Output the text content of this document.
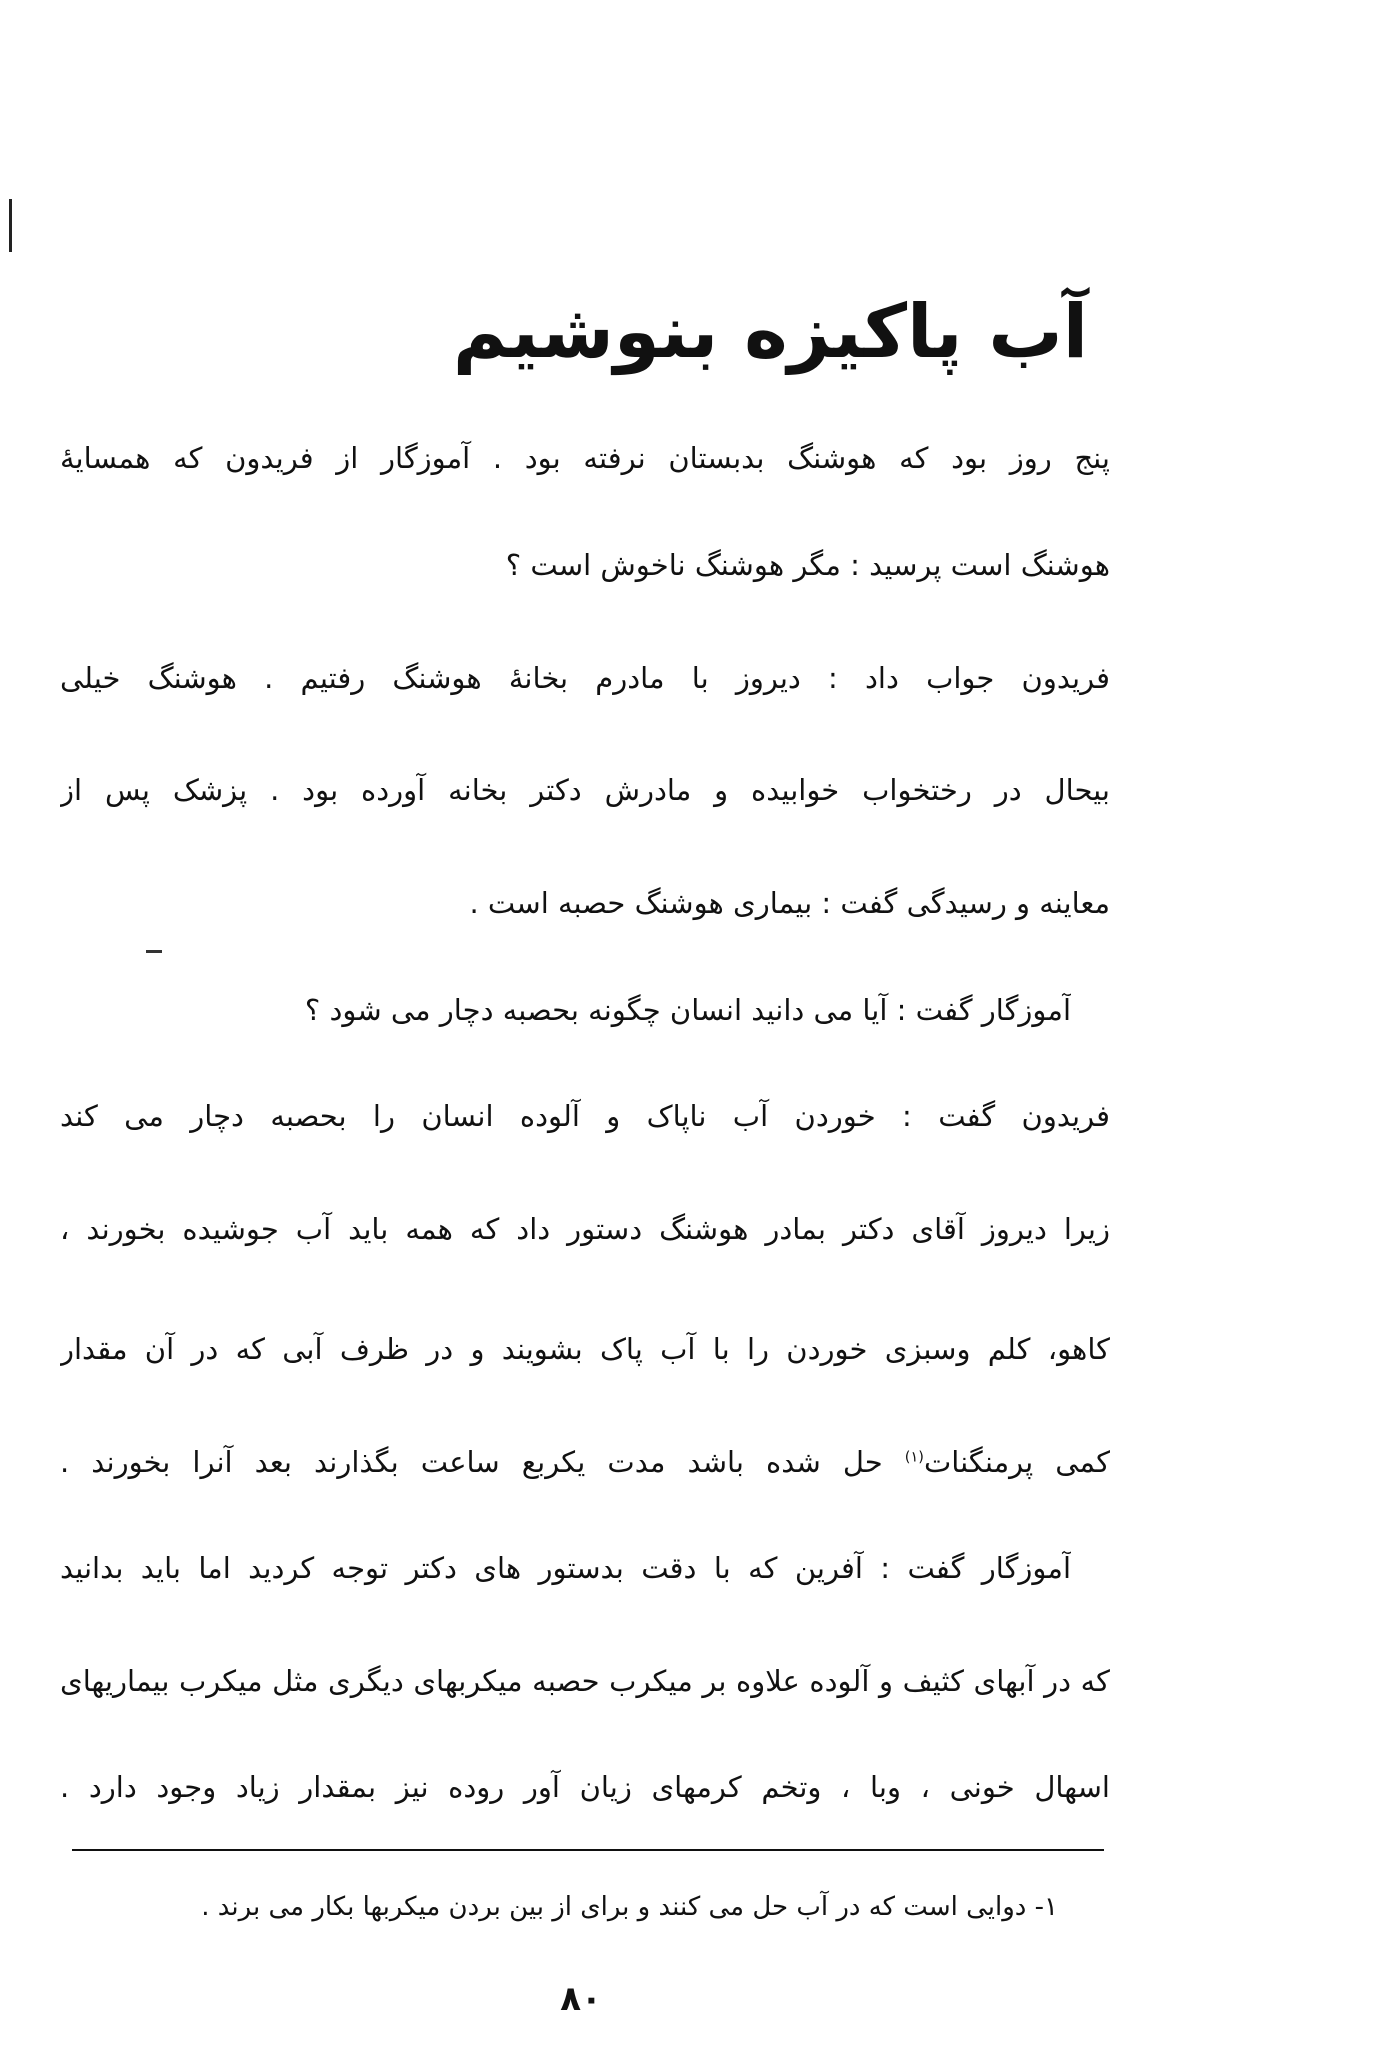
آب پاکیزه بنوشیم
پنج روز بود که هوشنگ بدبستان نرفته بود . آموزگار از فریدون که همسایهٔ
هوشنگ است پرسید : مگر هوشنگ ناخوش است ؟
فریدون جواب داد : دیروز با مادرم بخانهٔ هوشنگ رفتیم . هوشنگ خیلی
بیحال در رختخواب خوابیده و مادرش دکتر بخانه آورده بود . پزشک پس از
معاینه و رسیدگی گفت : بیماری هوشنگ حصبه است .
آموزگار گفت : آیا می دانید انسان چگونه بحصبه دچار می شود ؟
فریدون گفت : خوردن آب ناپاک و آلوده انسان را بحصبه دچار می کند
زیرا دیروز آقای دکتر بمادر هوشنگ دستور داد که همه باید آب جوشیده بخورند ،
کاهو، کلم وسبزی خوردن را با آب پاک بشویند و در ظرف آبی که در آن مقدار
کمی پرمنگنات$^{(۱)}$ حل شده باشد مدت یکربع ساعت بگذارند بعد آنرا بخورند .
آموزگار گفت : آفرین که با دقت بدستور های دکتر توجه کردید اما باید بدانید
که در آبهای کثیف و آلوده علاوه بر میکرب حصبه میکربهای دیگری مثل میکرب بیماریهای
اسهال خونی ، وبا ، وتخم کرمهای زیان آور روده نیز بمقدار زیاد وجود دارد .
۱- دوایی است که در آب حل می کنند و برای از بین بردن میکربها بکار می برند .
۸۰
